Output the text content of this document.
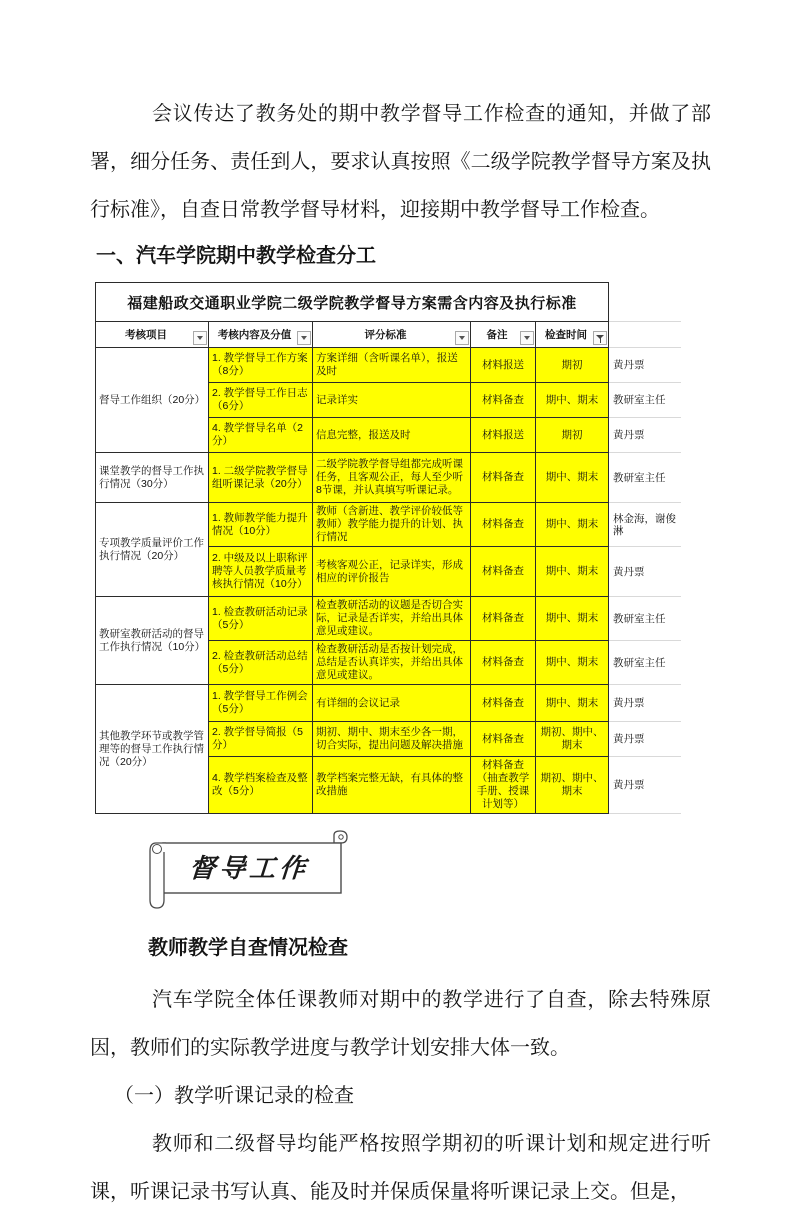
会议传达了教务处的期中教学督导工作检查的通知，并做了部署，细分任务、责任到人，要求认真按照《二级学院教学督导方案及执行标准》，自查日常教学督导材料，迎接期中教学督导工作检查。

一、汽车学院期中教学检查分工
福建船政交通职业学院二级学院教学督导方案需含内容及执行标准					
考核项目	考核内容及分值	评分标准	备注	检查时间

督导工作组织（20分）	1. 教学督导工作方案（8分）	方案详细（含听课名单），报送及时	材料报送	期初	黄丹票
	2. 教学督导工作日志（6分）	记录详实	材料备查	期中、期末	教研室主任
	4. 教学督导名单（2分）	信息完整，报送及时	材料报送	期初	黄丹票
课堂教学的督导工作执行情况（30分）	1. 二级学院教学督导组听课记录（20分）	二级学院教学督导组都完成听课任务，且客观公正，每人至少听8节课，并认真填写听课记录。	材料备查	期中、期末	教研室主任
专项教学质量评价工作执行情况（20分）	1. 教师教学能力提升情况（10分）	教师（含新进、教学评价较低等教师）教学能力提升的计划、执行情况	材料备查	期中、期末	林金海，谢俊淋
	2. 中级及以上职称评聘等人员教学质量考核执行情况（10分）	考核客观公正，记录详实，形成相应的评价报告	材料备查	期中、期末	黄丹票
教研室教研活动的督导工作执行情况（10分）	1. 检查教研活动记录（5分）	检查教研活动的议题是否切合实际，记录是否详实，并给出具体意见或建议。	材料备查	期中、期末	教研室主任
	2. 检查教研活动总结（5分）	检查教研活动是否按计划完成，总结是否认真详实，并给出具体意见或建议。	材料备查	期中、期末	教研室主任
其他教学环节或教学管理等的督导工作执行情况（20分）	1. 教学督导工作例会（5分）	有详细的会议记录	材料备查	期中、期末	黄丹票
	2. 教学督导简报（5分）	期初、期中、期末至少各一期，切合实际，提出问题及解决措施	材料备查	期初、期中、期末	黄丹票
	4. 教学档案检查及整改（5分）	教学档案完整无缺，有具体的整改措施	材料备查（抽查教学手册、授课计划等）	期初、期中、期末	黄丹票
督导工作
教师教学自查情况检查

汽车学院全体任课教师对期中的教学进行了自查，除去特殊原因，教师们的实际教学进度与教学计划安排大体一致。

（一）教学听课记录的检查

教师和二级督导均能严格按照学期初的听课计划和规定进行听课，听课记录书写认真、能及时并保质保量将听课记录上交。但是，
